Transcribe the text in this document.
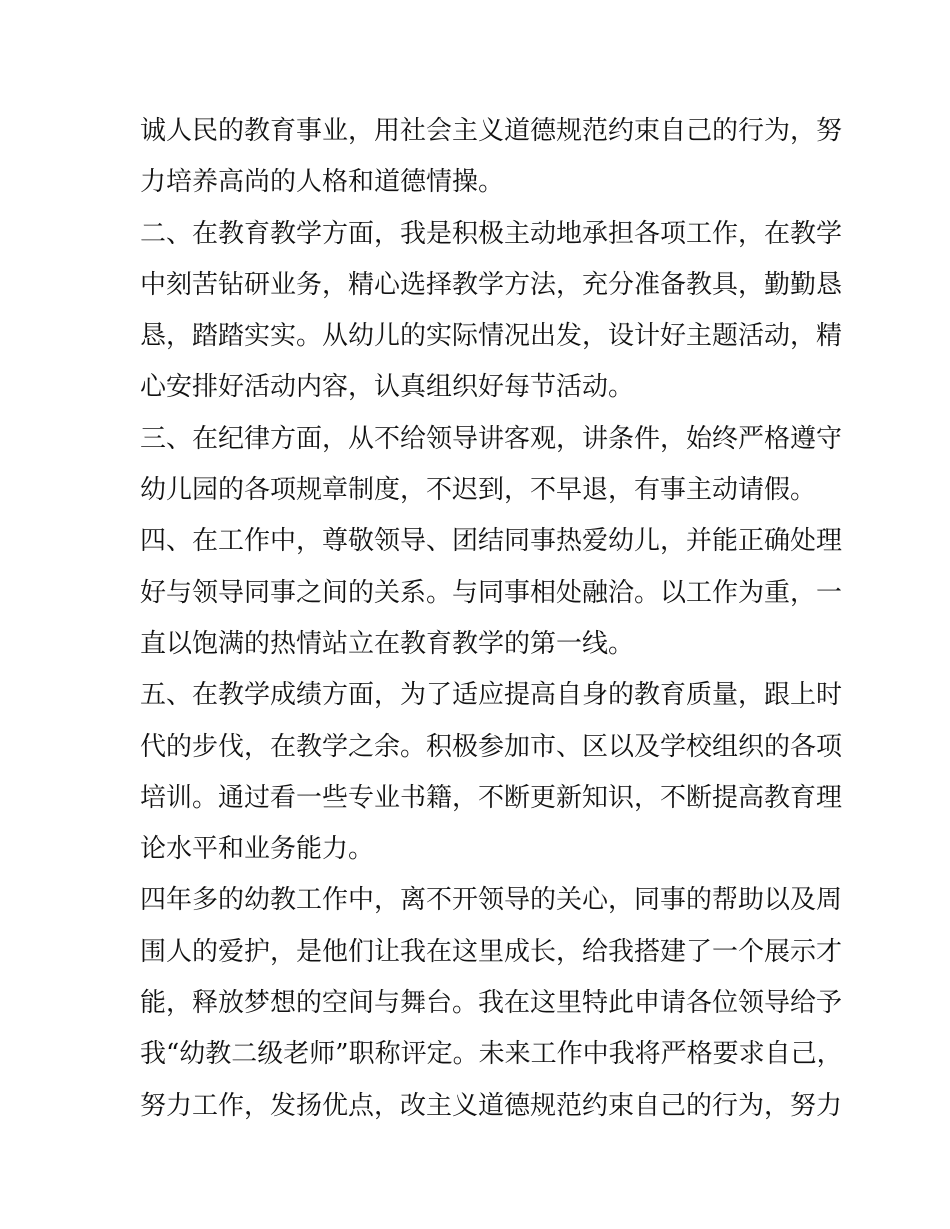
诚人民的教育事业，用社会主义道德规范约束自己的行为，努
力培养高尚的人格和道德情操。
二、在教育教学方面，我是积极主动地承担各项工作，在教学
中刻苦钻研业务，精心选择教学方法，充分准备教具，勤勤恳
恳，踏踏实实。从幼儿的实际情况出发，设计好主题活动，精
心安排好活动内容，认真组织好每节活动。
三、在纪律方面，从不给领导讲客观，讲条件，始终严格遵守
幼儿园的各项规章制度，不迟到，不早退，有事主动请假。
四、在工作中，尊敬领导、团结同事热爱幼儿，并能正确处理
好与领导同事之间的关系。与同事相处融洽。以工作为重，一
直以饱满的热情站立在教育教学的第一线。
五、在教学成绩方面，为了适应提高自身的教育质量，跟上时
代的步伐，在教学之余。积极参加市、区以及学校组织的各项
培训。通过看一些专业书籍，不断更新知识，不断提高教育理
论水平和业务能力。
四年多的幼教工作中，离不开领导的关心，同事的帮助以及周
围人的爱护，是他们让我在这里成长，给我搭建了一个展示才
能，释放梦想的空间与舞台。我在这里特此申请各位领导给予
我“幼教二级老师”职称评定。未来工作中我将严格要求自己，
努力工作，发扬优点，改主义道德规范约束自己的行为，努力
